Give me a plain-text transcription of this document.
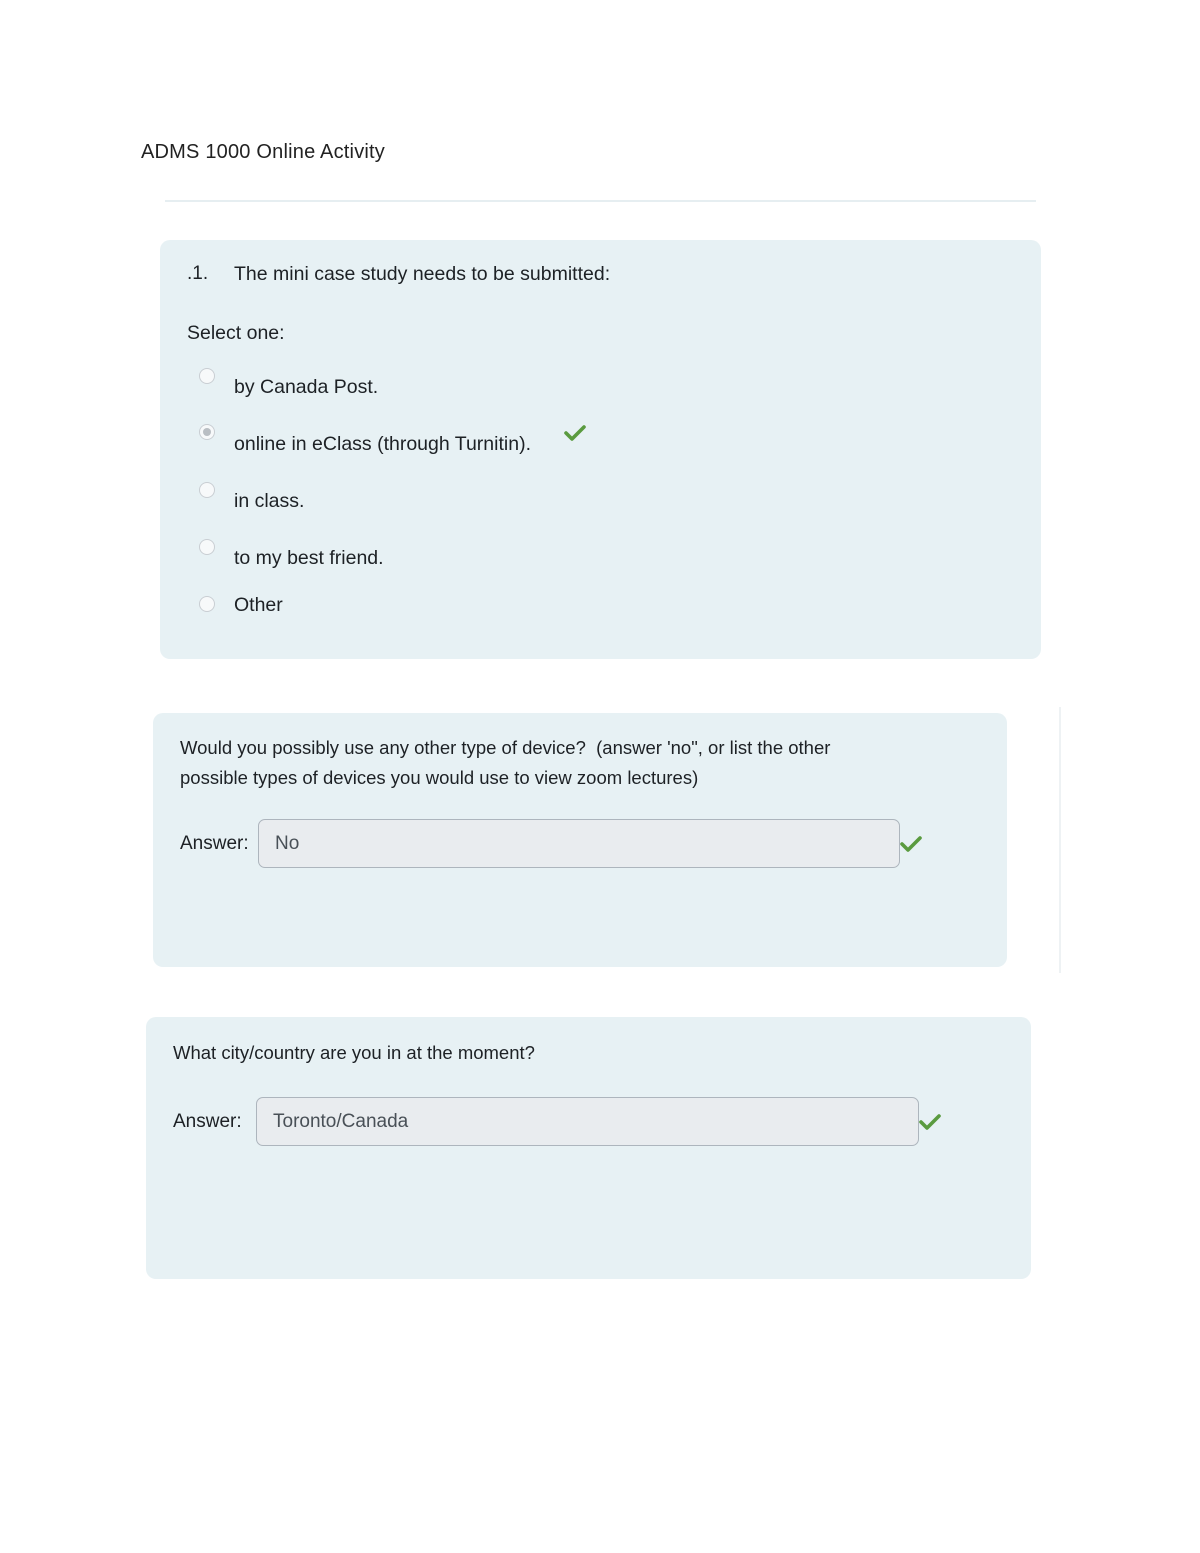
ADMS 1000 Online Activity
.1. The mini case study needs to be submitted:
Select one:
by Canada Post.
online in eClass (through Turnitin).
in class.
to my best friend.
Other
Would you possibly use any other type of device?  (answer 'no", or list the other
possible types of devices you would use to view zoom lectures)
Answer:
No
What city/country are you in at the moment?
Answer:
Toronto/Canada
